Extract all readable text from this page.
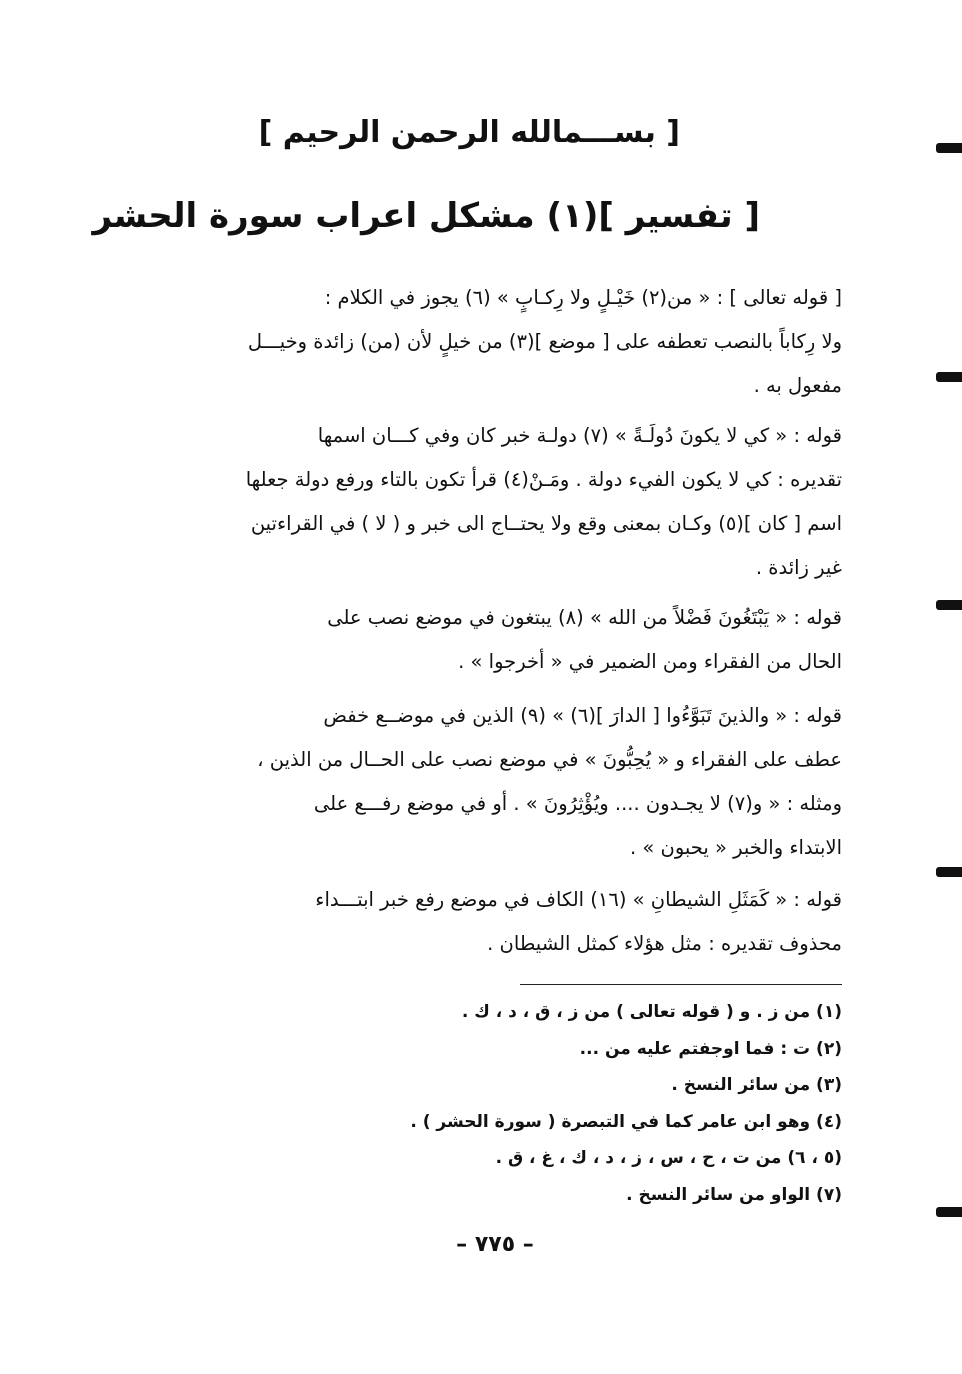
[ بســـمالله الرحمن الرحيم ]
[ تفسير ](١) مشكل اعراب سورة الحشر
[ قوله تعالى ] : « من(٢) خَيْـلٍ ولا رِكـابٍ » (٦) يجوز في الكلام :
ولا رِكاباً بالنصب تعطفه على [ موضع ](٣) من خيلٍ لأن (من) زائدة وخيـــل
مفعول به .
قوله : « كي لا يكونَ دُولَـةً » (٧) دولـة خبر كان وفي كـــان اسمها
تقديره : كي لا يكون الفيء دولة . ومَـنْ(٤) قرأ تكون بالتاء ورفع دولة جعلها
اسم [ كان ](٥) وكـان بمعنى وقع ولا يحتــاج الى خبر و ( لا ) في القراءتين
غير زائدة .
قوله : « يَبْتَغُونَ فَضْلاً من الله » (٨) يبتغون في موضع نصب على
الحال من الفقراء ومن الضمير في « أخرجوا » .
قوله : « والذينَ تَبَوَّءُوا [ الدارَ ](٦) » (٩) الذين في موضــع خفض
عطف على الفقراء و « يُحِبُّونَ » في موضع نصب على الحــال من الذين ،
ومثله : « و(٧) لا يجـدون .... ويُؤْثِرُونَ » . أو في موضع رفـــع على
الابتداء والخبر « يحبون » .
قوله : « كَمَثَلِ الشيطانِ » (١٦) الكاف في موضع رفع خبر ابتـــداء
محذوف تقديره : مثل هؤلاء كمثل الشيطان .
(١) من ز . و ( قوله تعالى ) من ز ، ق ، د ، ك .
(٢) ت : فما اوجفتم عليه من ...
(٣) من سائر النسخ .
(٤) وهو ابن عامر كما في التبصرة ( سورة الحشر ) .
(٥ ، ٦) من ت ، ح ، س ، ز ، د ، ك ، غ ، ق .
(٧) الواو من سائر النسخ .
– ٧٧٥ –
